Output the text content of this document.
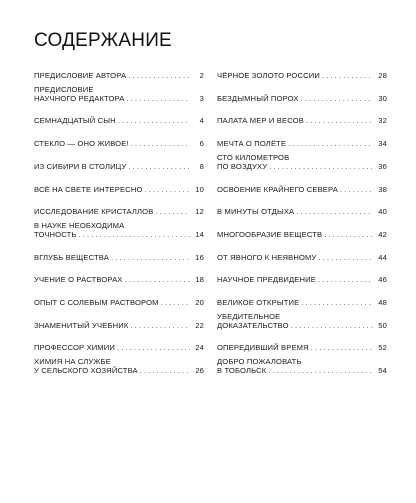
СОДЕРЖАНИЕ
ПРЕДИСЛОВИЕ АВТОРА . . .	2
ПРЕДИСЛОВИЕ
НАУЧНОГО РЕДАКТОРА . . .	3
СЕМНАДЦАТЫЙ СЫН . . .	4
СТЕКЛО — ОНО ЖИВОЕ! . . .	6
ИЗ СИБИРИ В СТОЛИЦУ . . .	8
ВСЁ НА СВЕТЕ ИНТЕРЕСНО . . .	10
ИССЛЕДОВАНИЕ КРИСТАЛЛОВ . . .	12
В НАУКЕ НЕОБХОДИМА
ТОЧНОСТЬ . . .	14
ВГЛУБЬ ВЕЩЕСТВА . . .	16
УЧЕНИЕ О РАСТВОРАХ . . .	18
ОПЫТ С СОЛЕВЫМ РАСТВОРОМ . . .	20
ЗНАМЕНИТЫЙ УЧЕБНИК . . .	22
ПРОФЕССОР ХИМИИ . . .	24
ХИМИЯ НА СЛУЖБЕ
У СЕЛЬСКОГО ХОЗЯЙСТВА . . .	26
ЧЁРНОЕ ЗОЛОТО РОССИИ . . .	28
БЕЗДЫМНЫЙ ПОРОХ . . .	30
ПАЛАТА МЕР И ВЕСОВ . . .	32
МЕЧТА О ПОЛЁТЕ . . .	34
СТО КИЛОМЕТРОВ
ПО ВОЗДУХУ . . .	36
ОСВОЕНИЕ КРАЙНЕГО СЕВЕРА . . .	38
В МИНУТЫ ОТДЫХА . . .	40
МНОГООБРАЗИЕ ВЕЩЕСТВ . . .	42
ОТ ЯВНОГО К НЕЯВНОМУ . . .	44
НАУЧНОЕ ПРЕДВИДЕНИЕ . . .	46
ВЕЛИКОЕ ОТКРЫТИЕ . . .	48
УБЕДИТЕЛЬНОЕ
ДОКАЗАТЕЛЬСТВО . . .	50
ОПЕРЕДИВШИЙ ВРЕМЯ . . .	52
ДОБРО ПОЖАЛОВАТЬ
В ТОБОЛЬСК . . .	54
